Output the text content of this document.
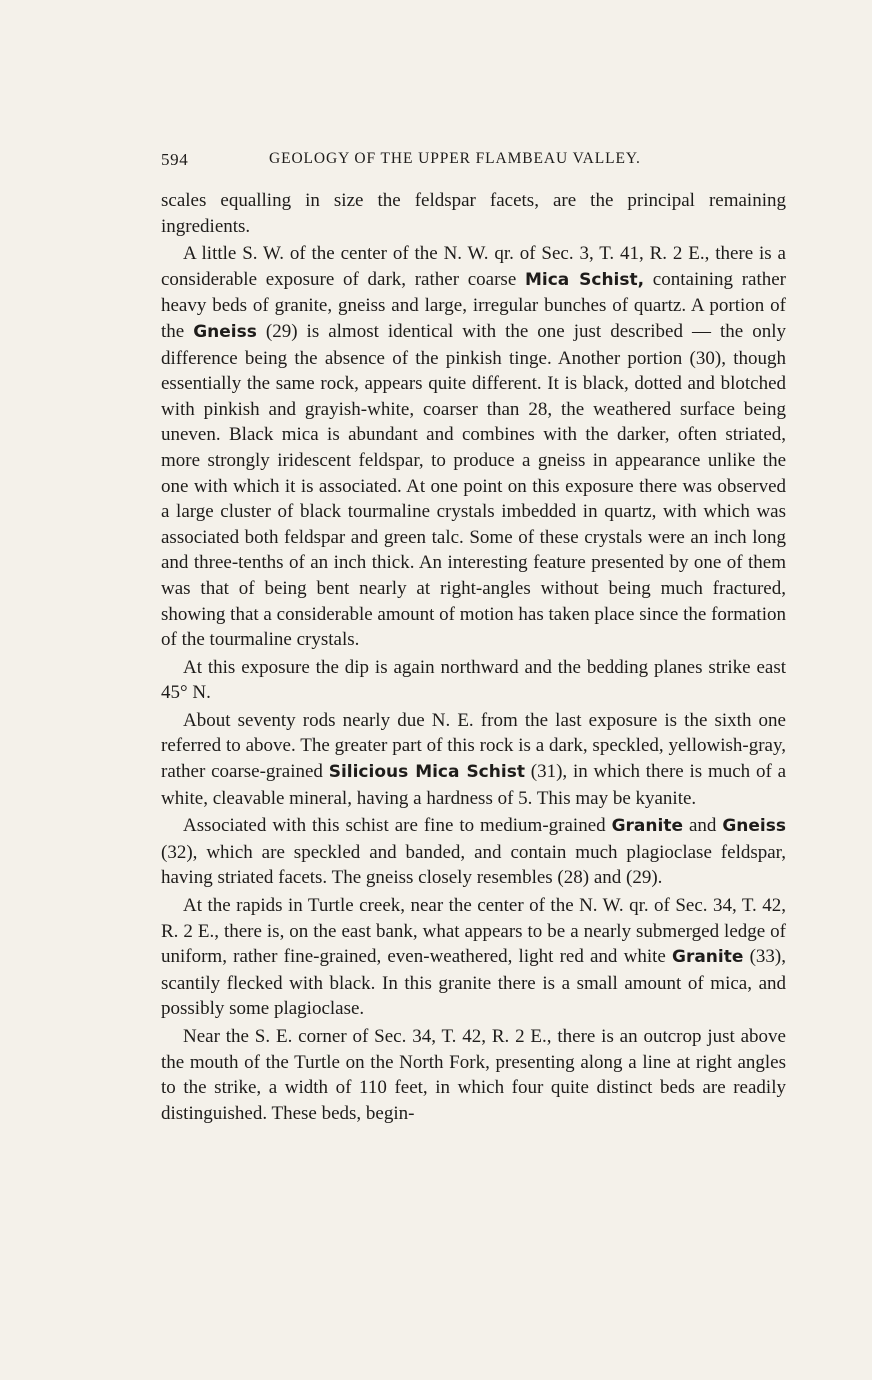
594	GEOLOGY OF THE UPPER FLAMBEAU VALLEY.

scales equalling in size the feldspar facets, are the principal remaining ingredients.

A little S. W. of the center of the N. W. qr. of Sec. 3, T. 41, R. 2 E., there is a considerable exposure of dark, rather coarse Mica Schist, containing rather heavy beds of granite, gneiss and large, irregular bunches of quartz. A portion of the Gneiss (29) is almost identical with the one just described — the only difference being the absence of the pinkish tinge. Another portion (30), though essentially the same rock, appears quite different. It is black, dotted and blotched with pinkish and grayish-white, coarser than 28, the weathered surface being uneven. Black mica is abundant and combines with the darker, often striated, more strongly iridescent feldspar, to produce a gneiss in appearance unlike the one with which it is associated. At one point on this exposure there was observed a large cluster of black tourmaline crystals imbedded in quartz, with which was associated both feldspar and green talc. Some of these crystals were an inch long and three-tenths of an inch thick. An interesting feature presented by one of them was that of being bent nearly at right-angles without being much fractured, showing that a considerable amount of motion has taken place since the formation of the tourmaline crystals.

At this exposure the dip is again northward and the bedding planes strike east 45° N.

About seventy rods nearly due N. E. from the last exposure is the sixth one referred to above. The greater part of this rock is a dark, speckled, yellowish-gray, rather coarse-grained Silicious Mica Schist (31), in which there is much of a white, cleavable mineral, having a hardness of 5. This may be kyanite.

Associated with this schist are fine to medium-grained Granite and Gneiss (32), which are speckled and banded, and contain much plagioclase feldspar, having striated facets. The gneiss closely resembles (28) and (29).

At the rapids in Turtle creek, near the center of the N. W. qr. of Sec. 34, T. 42, R. 2 E., there is, on the east bank, what appears to be a nearly submerged ledge of uniform, rather fine-grained, even-weathered, light red and white Granite (33), scantily flecked with black. In this granite there is a small amount of mica, and possibly some plagioclase.

Near the S. E. corner of Sec. 34, T. 42, R. 2 E., there is an outcrop just above the mouth of the Turtle on the North Fork, presenting along a line at right angles to the strike, a width of 110 feet, in which four quite distinct beds are readily distinguished. These beds, begin-
